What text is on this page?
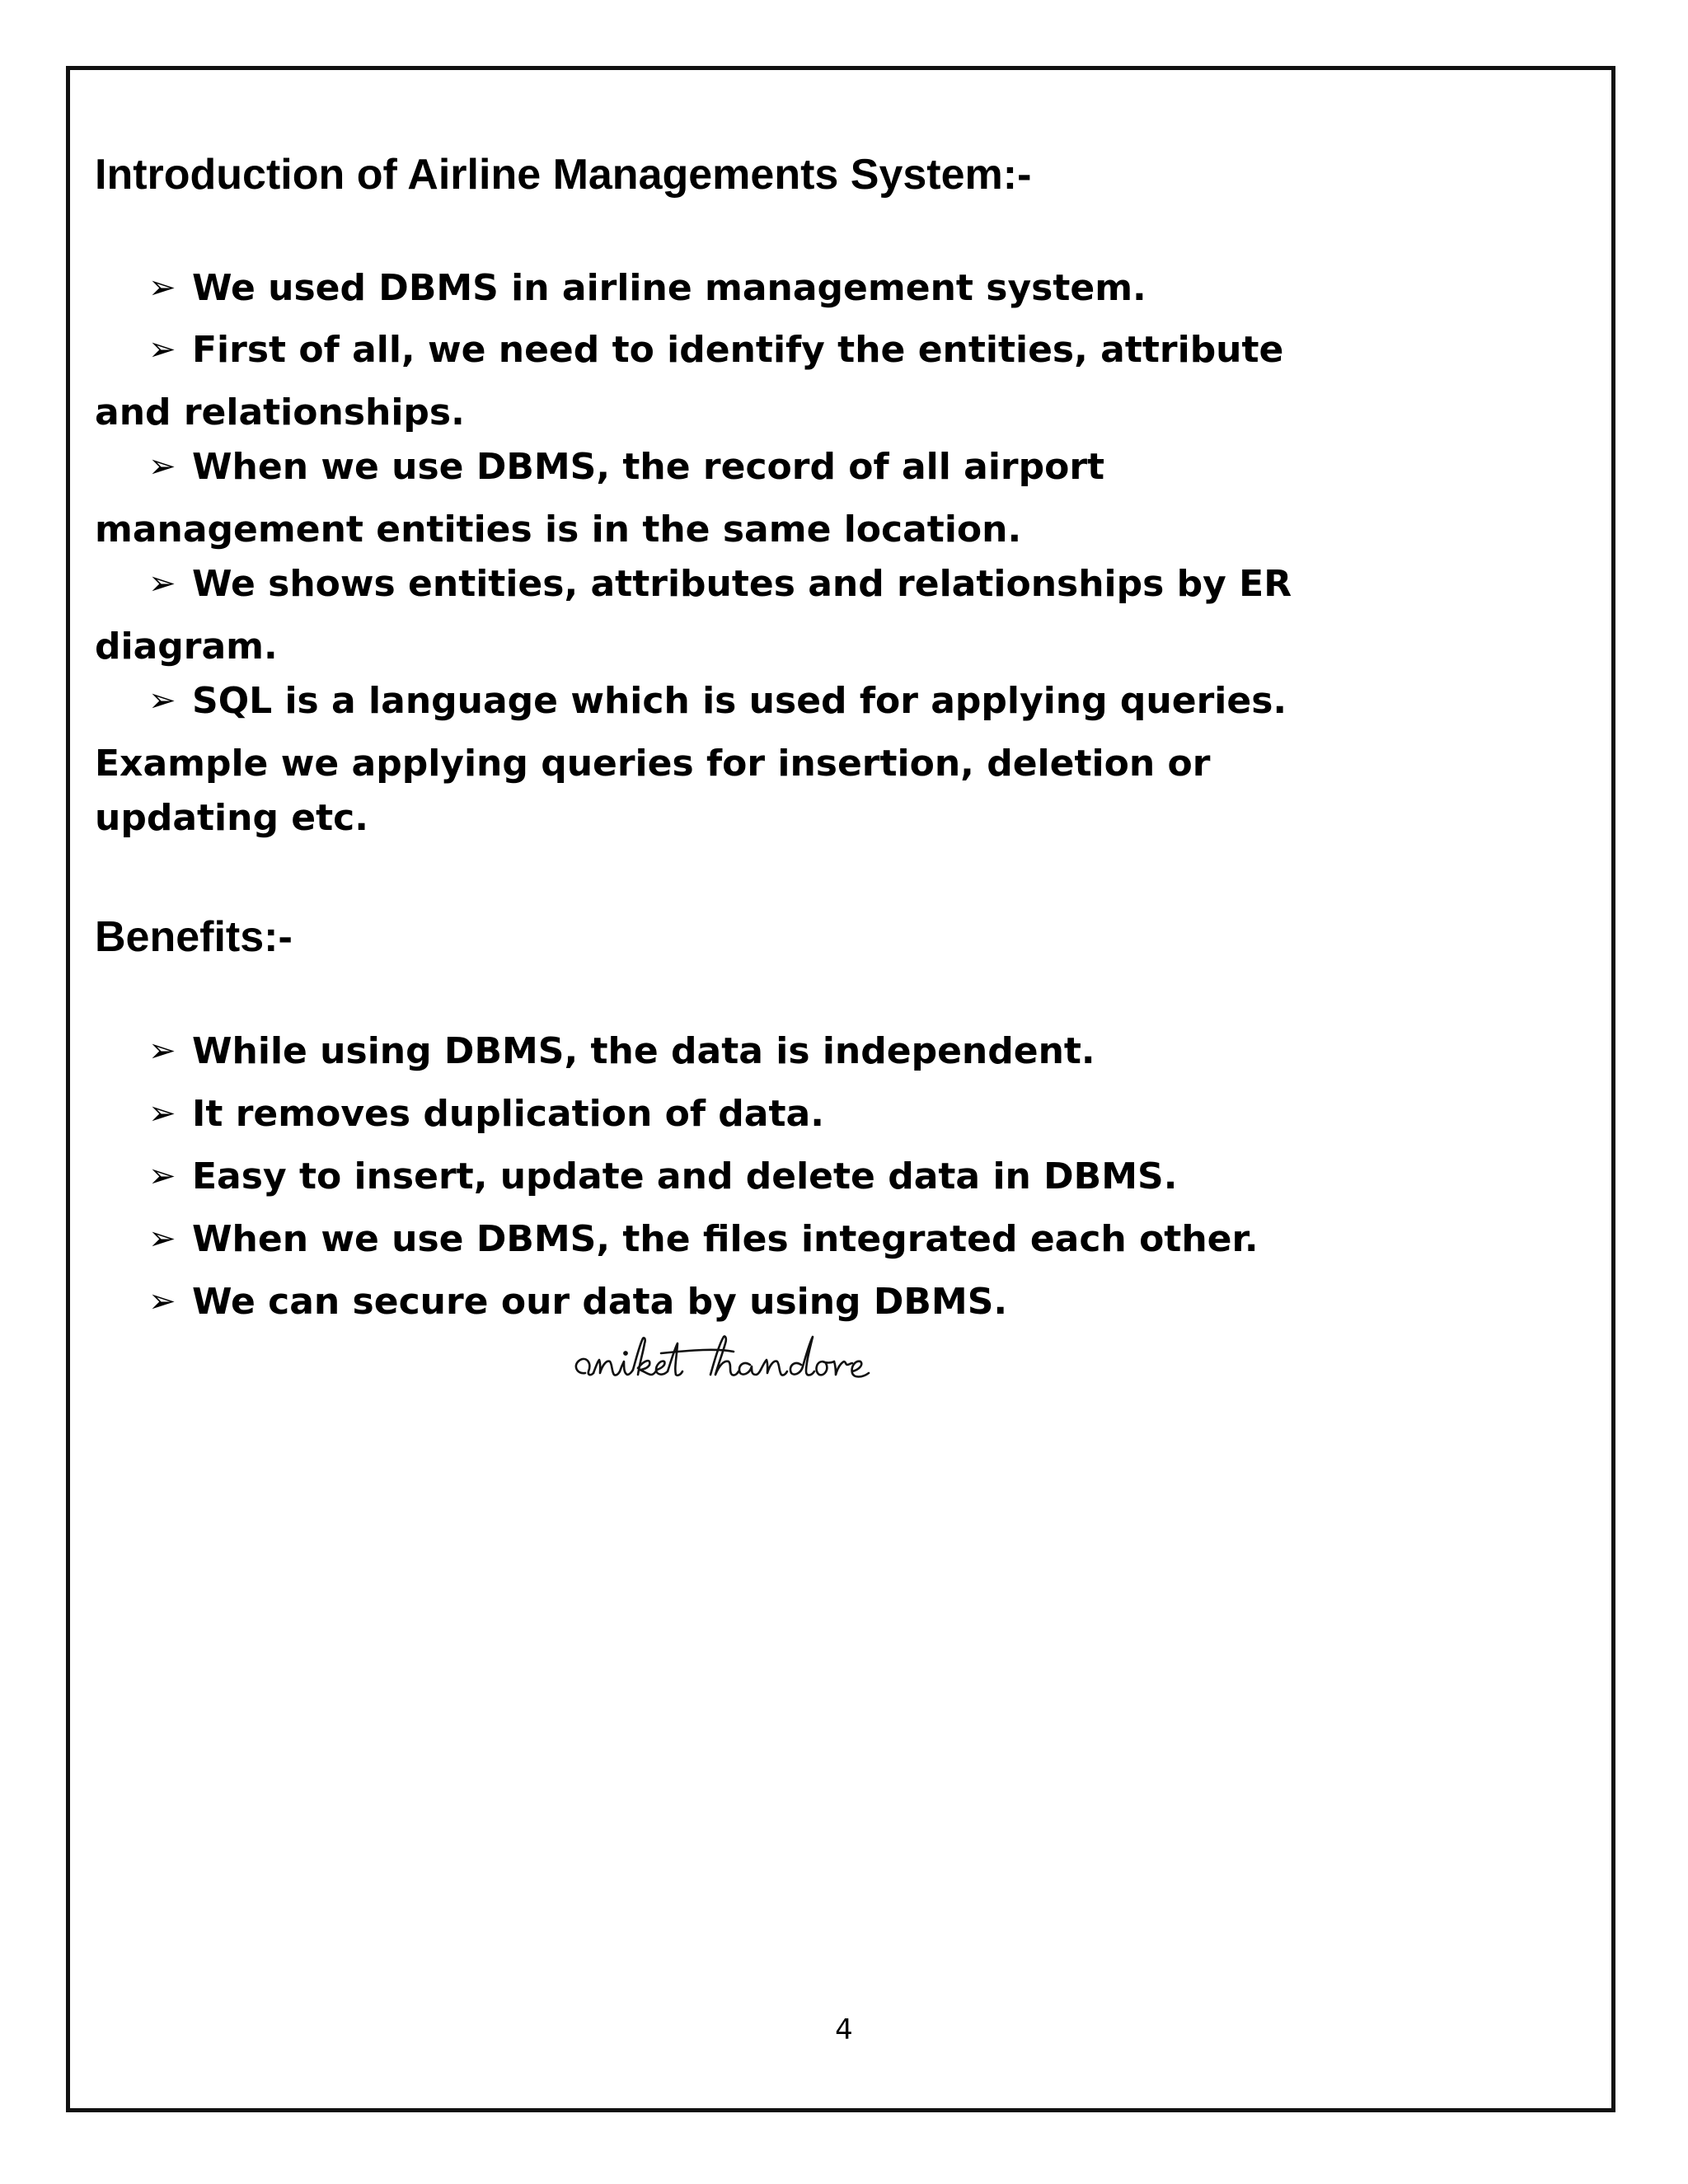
Introduction of Airline Managements System:-

➢ We used DBMS in airline management system.

➢ First of all, we need to identify the entities, attribute

and relationships.

➢ When we use DBMS, the record of all airport

management entities is in the same location.

➢ We shows entities, attributes and relationships by ER

diagram.

➢ SQL is a language which is used for applying queries.

Example we applying queries for insertion, deletion or

updating etc.

Benefits:-

➢ While using DBMS, the data is independent.

➢ It removes duplication of data.

➢ Easy to insert, update and delete data in DBMS.

➢ When we use DBMS, the files integrated each other.

➢ We can secure our data by using DBMS.

4
